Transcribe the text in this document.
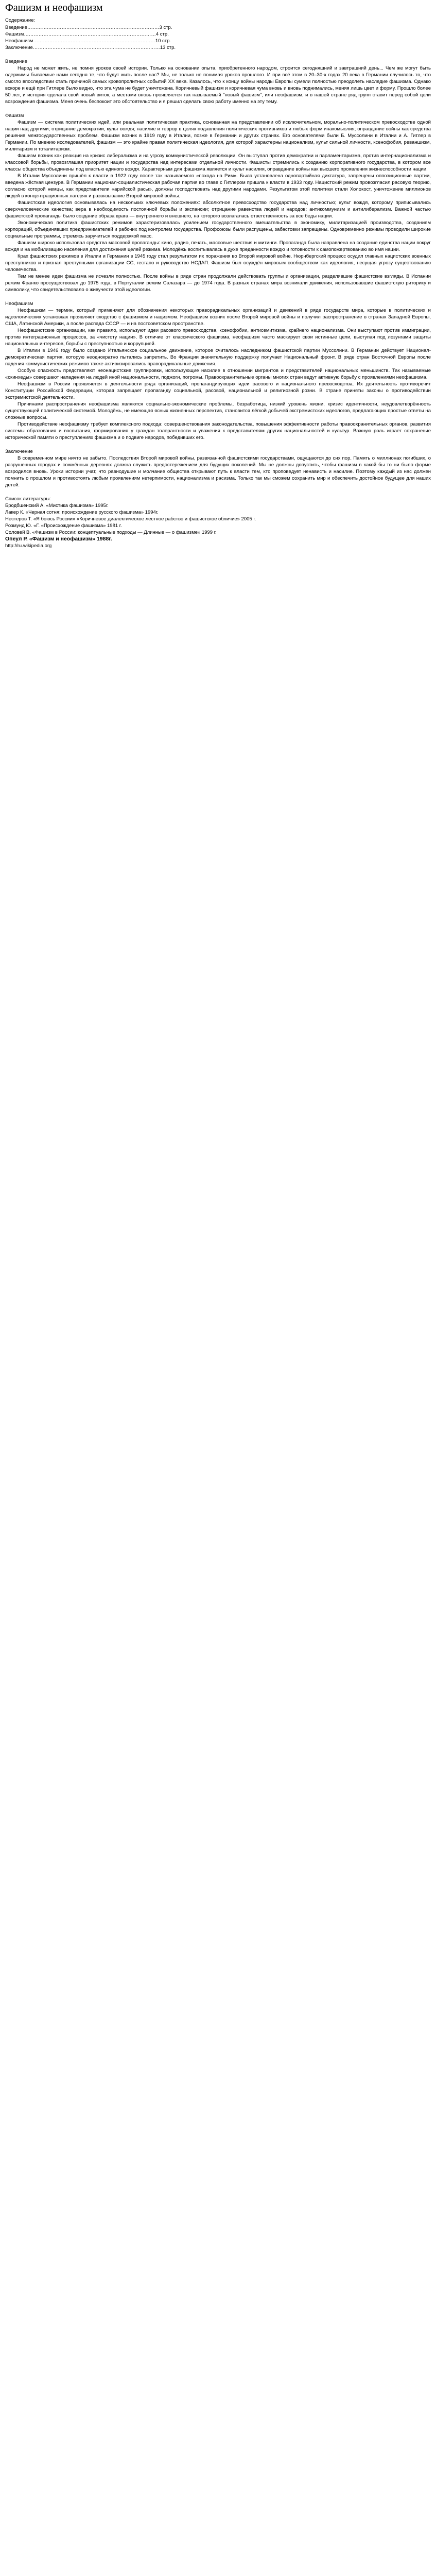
Фашизм и неофашизм
Содержание:
Введение………………………………………………………………………3 стр.
Фашизм………………………………………………………………………4 стр.
Неофашизм…………………………………………………………………10 стр.
Заключение……………………………………………………………………13 стр.
Введение

Народ не может жить, не помня уроков своей истории. Только на основании опыта, приобретенного народом, строится сегодняшний и завтрашний день... Чем же могут быть одержимы бываемые нами сегодня те, что будут жить после нас? Мы, не только не понимая уроков прошлого. И при всё этом в 20–30-х годах 20 века в Германии случилось то, что смогло впоследствии стать причиной самых кровопролитных событий XX века. Казалось, что к концу войны народы Европы сумели полностью преодолеть наследие фашизма. Однако вскоре и ещё при Гитлере было видно, что эта чума не будет уничтожена. Коричневый фашизм и коричневая чума вновь и вновь поднимались, меняя лишь цвет и форму. Прошло более 50 лет, и история сделала свой новый виток, а местами вновь проявляется так называемый "новый фашизм", или неофашизм, и в нашей стране ряд групп ставит перед собой цели возрождения фашизма. Меня очень беспокоит это обстоятельство и я решил сделать свою работу именно на эту тему.

Фашизм

Фашизм — система политических идей, или реальная политическая практика, основанная на представлении об исключительном, морально-политическом превосходстве одной нации над другими; отрицание демократии, культ вождя; насилие и террор в целях подавления политических противников и любых форм инакомыслия; оправдание войны как средства решения межгосударственных проблем. Фашизм возник в 1919 году в Италии, позже в Германии и других странах. Его основателями были Б. Муссолини в Италии и А. Гитлер в Германии. По мнению исследователей, фашизм — это крайне правая политическая идеология, для которой характерны национализм, культ сильной личности, ксенофобия, реваншизм, милитаризм и тоталитаризм.

Фашизм возник как реакция на кризис либерализма и на угрозу коммунистической революции. Он выступал против демократии и парламентаризма, против интернационализма и классовой борьбы, провозглашая приоритет нации и государства над интересами отдельной личности. Фашисты стремились к созданию корпоративного государства, в котором все классы общества объединены под властью единого вождя. Характерным для фашизма является и культ насилия, оправдание войны как высшего проявления жизнеспособности нации.

В Италии Муссолини пришёл к власти в 1922 году после так называемого «похода на Рим». Была установлена однопартийная диктатура, запрещены оппозиционные партии, введена жёсткая цензура. В Германии национал-социалистическая рабочая партия во главе с Гитлером пришла к власти в 1933 году. Нацистский режим провозгласил расовую теорию, согласно которой немцы, как представители «арийской расы», должны господствовать над другими народами. Результатом этой политики стали Холокост, уничтожение миллионов людей в концентрационных лагерях и развязывание Второй мировой войны.

Фашистская идеология основывалась на нескольких ключевых положениях: абсолютное превосходство государства над личностью; культ вождя, которому приписывались сверхчеловеческие качества; вера в необходимость постоянной борьбы и экспансии; отрицание равенства людей и народов; антикоммунизм и антилиберализм. Важной частью фашистской пропаганды было создание образа врага — внутреннего и внешнего, на которого возлагалась ответственность за все беды нации.

Экономическая политика фашистских режимов характеризовалась усилением государственного вмешательства в экономику, милитаризацией производства, созданием корпораций, объединявших предпринимателей и рабочих под контролем государства. Профсоюзы были распущены, забастовки запрещены. Одновременно режимы проводили широкие социальные программы, стремясь заручиться поддержкой масс.

Фашизм широко использовал средства массовой пропаганды: кино, радио, печать, массовые шествия и митинги. Пропаганда была направлена на создание единства нации вокруг вождя и на мобилизацию населения для достижения целей режима. Молодёжь воспитывалась в духе преданности вождю и готовности к самопожертвованию во имя нации.

Крах фашистских режимов в Италии и Германии в 1945 году стал результатом их поражения во Второй мировой войне. Нюрнбергский процесс осудил главных нацистских военных преступников и признал преступными организации СС, гестапо и руководство НСДАП. Фашизм был осуждён мировым сообществом как идеология, несущая угрозу существованию человечества.

Тем не менее идеи фашизма не исчезли полностью. После войны в ряде стран продолжали действовать группы и организации, разделявшие фашистские взгляды. В Испании режим Франко просуществовал до 1975 года, в Португалии режим Салазара — до 1974 года. В разных странах мира возникали движения, использовавшие фашистскую риторику и символику, что свидетельствовало о живучести этой идеологии.

Неофашизм

Неофашизм — термин, который применяют для обозначения некоторых праворадикальных организаций и движений в ряде государств мира, которые в политических и идеологических установках проявляют сходство с фашизмом и нацизмом. Неофашизм возник после Второй мировой войны и получил распространение в странах Западной Европы, США, Латинской Америки, а после распада СССР — и на постсоветском пространстве.

Неофашистские организации, как правило, используют идеи расового превосходства, ксенофобии, антисемитизма, крайнего национализма. Они выступают против иммиграции, против интеграционных процессов, за «чистоту нации». В отличие от классического фашизма, неофашизм часто маскирует свои истинные цели, выступая под лозунгами защиты национальных интересов, борьбы с преступностью и коррупцией.

В Италии в 1946 году было создано Итальянское социальное движение, которое считалось наследником фашистской партии Муссолини. В Германии действует Национал-демократическая партия, которую неоднократно пытались запретить. Во Франции значительную поддержку получает Национальный фронт. В ряде стран Восточной Европы после падения коммунистических режимов также активизировались праворадикальные движения.

Особую опасность представляют неонацистские группировки, использующие насилие в отношении мигрантов и представителей национальных меньшинств. Так называемые «скинхеды» совершают нападения на людей иной национальности, поджоги, погромы. Правоохранительные органы многих стран ведут активную борьбу с проявлениями неофашизма.

Неофашизм в России проявляется в деятельности ряда организаций, пропагандирующих идеи расового и национального превосходства. Их деятельность противоречит Конституции Российской Федерации, которая запрещает пропаганду социальной, расовой, национальной и религиозной розни. В стране приняты законы о противодействии экстремистской деятельности.

Причинами распространения неофашизма являются социально-экономические проблемы, безработица, низкий уровень жизни, кризис идентичности, неудовлетворённость существующей политической системой. Молодёжь, не имеющая ясных жизненных перспектив, становится лёгкой добычей экстремистских идеологов, предлагающих простые ответы на сложные вопросы.

Противодействие неофашизму требует комплексного подхода: совершенствования законодательства, повышения эффективности работы правоохранительных органов, развития системы образования и воспитания, формирования у граждан толерантности и уважения к представителям других национальностей и культур. Важную роль играет сохранение исторической памяти о преступлениях фашизма и о подвиге народов, победивших его.

Заключение

В современном мире ничто не забыто. Последствия Второй мировой войны, развязанной фашистскими государствами, ощущаются до сих пор. Память о миллионах погибших, о разрушенных городах и сожжённых деревнях должна служить предостережением для будущих поколений. Мы не должны допустить, чтобы фашизм в какой бы то ни было форме возродился вновь. Уроки истории учат, что равнодушие и молчание общества открывают путь к власти тем, кто проповедует ненависть и насилие. Поэтому каждый из нас должен помнить о прошлом и противостоять любым проявлениям нетерпимости, национализма и расизма. Только так мы сможем сохранить мир и обеспечить достойное будущее для наших детей.

Список литературы:
Бродбшенский А. «Мистика фашизма» 1995г.
Лакер К. «Черная сотня: происхождение русского фашизма» 1994г.
Нестеров Т. «Я боюсь России» «Коричневое диалектическое лестное рабство и фашистское обличие» 2005 г.
Розмунд Ю. «Г. «Происхождение фашизма» 1981 г.
Соловей В. «Фашизм в России: концептуальные подходы — Длинные — о фашизме» 1999 г.
Опеул Р. «Фашизм и неофашизм» 1988г.
http://ru.wikipedia.org
